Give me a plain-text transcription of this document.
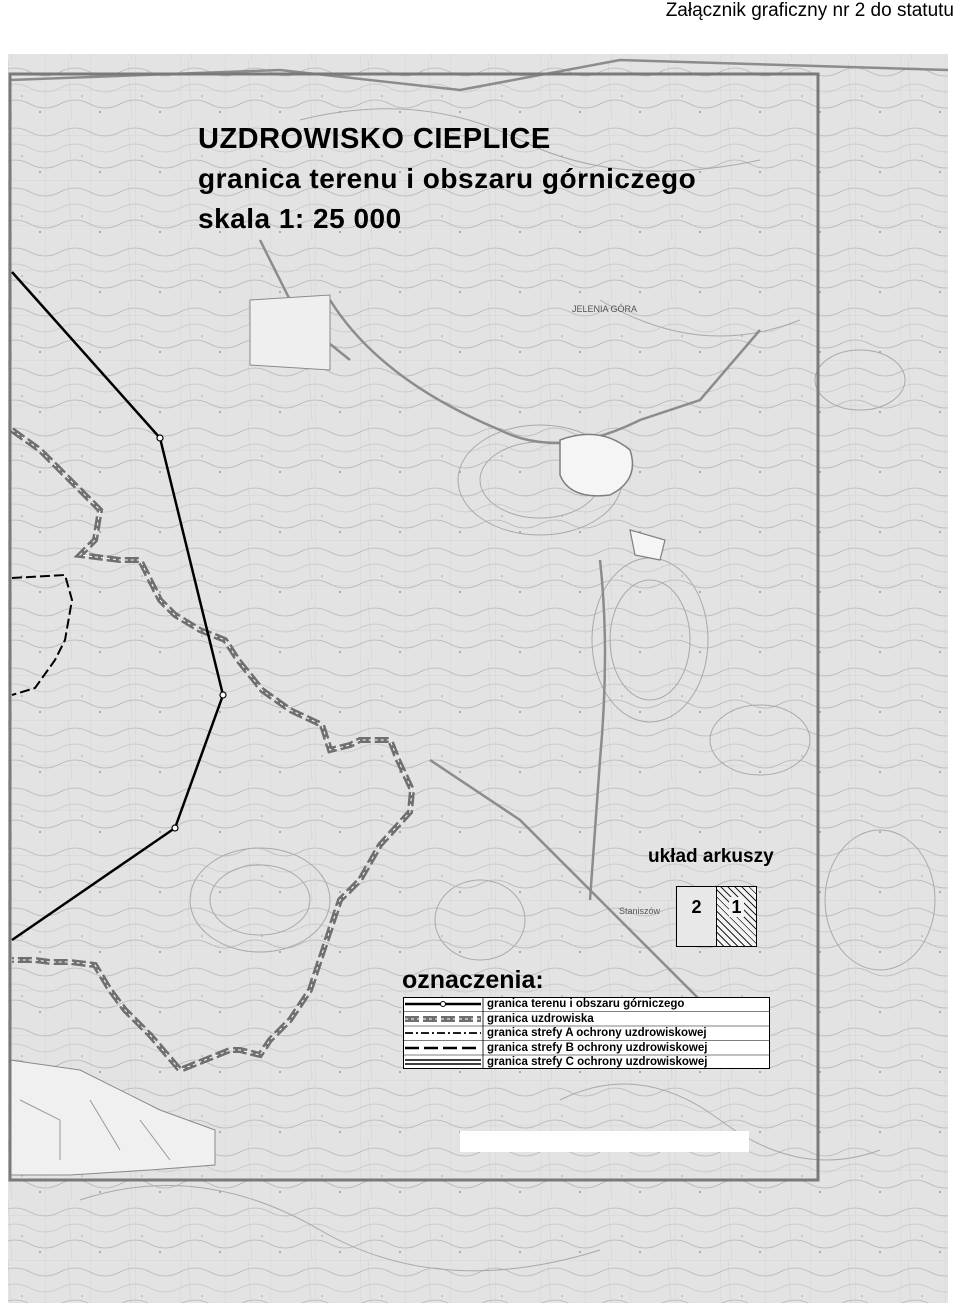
Załącznik graficzny nr 2 do statutu
JELENIA GÓRA
Staniszów
UZDROWISKO CIEPLICE
granica terenu i obszaru górniczego
skala 1: 25 000
układ arkuszy
2	1
oznaczenia:
granica terenu i obszaru górniczego
granica uzdrowiska
granica strefy A ochrony uzdrowiskowej
granica strefy B ochrony uzdrowiskowej
granica strefy C ochrony uzdrowiskowej
